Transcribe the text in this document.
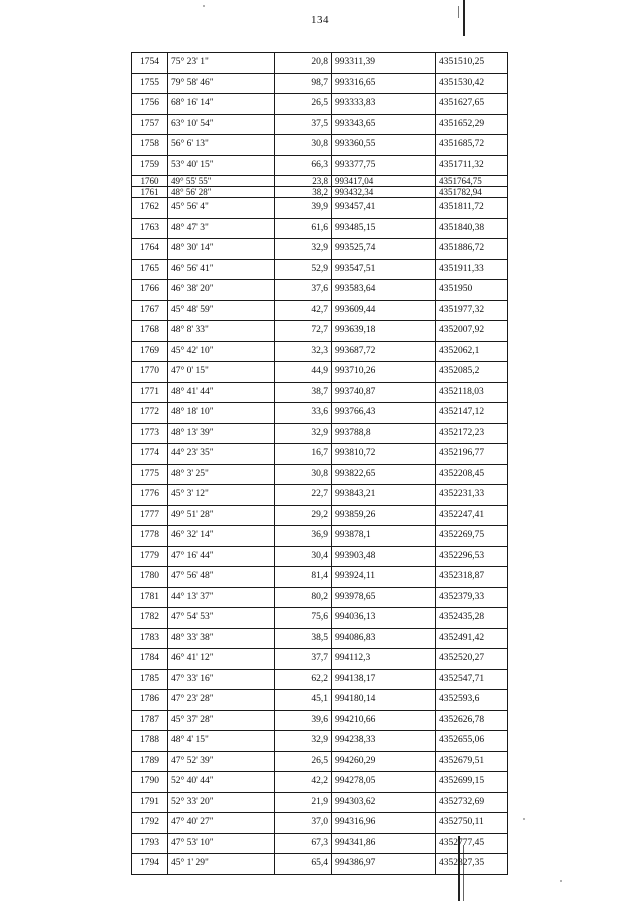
134
1754	75° 23' 1"	20,8	993311,39	4351510,25
1755	79° 58' 46"	98,7	993316,65	4351530,42
1756	68° 16' 14"	26,5	993333,83	4351627,65
1757	63° 10' 54"	37,5	993343,65	4351652,29
1758	56° 6' 13"	30,8	993360,55	4351685,72
1759	53° 40' 15"	66,3	993377,75	4351711,32
1760	49° 55' 55"	23,8	993417,04	4351764,75
1761	48° 56' 28"	38,2	993432,34	4351782,94
1762	45° 56' 4"	39,9	993457,41	4351811,72
1763	48° 47' 3"	61,6	993485,15	4351840,38
1764	48° 30' 14"	32,9	993525,74	4351886,72
1765	46° 56' 41"	52,9	993547,51	4351911,33
1766	46° 38' 20"	37,6	993583,64	4351950
1767	45° 48' 59"	42,7	993609,44	4351977,32
1768	48° 8' 33"	72,7	993639,18	4352007,92
1769	45° 42' 10"	32,3	993687,72	4352062,1
1770	47° 0' 15"	44,9	993710,26	4352085,2
1771	48° 41' 44"	38,7	993740,87	4352118,03
1772	48° 18' 10"	33,6	993766,43	4352147,12
1773	48° 13' 39"	32,9	993788,8	4352172,23
1774	44° 23' 35"	16,7	993810,72	4352196,77
1775	48° 3' 25"	30,8	993822,65	4352208,45
1776	45° 3' 12"	22,7	993843,21	4352231,33
1777	49° 51' 28"	29,2	993859,26	4352247,41
1778	46° 32' 14"	36,9	993878,1	4352269,75
1779	47° 16' 44"	30,4	993903,48	4352296,53
1780	47° 56' 48"	81,4	993924,11	4352318,87
1781	44° 13' 37"	80,2	993978,65	4352379,33
1782	47° 54' 53"	75,6	994036,13	4352435,28
1783	48° 33' 38"	38,5	994086,83	4352491,42
1784	46° 41' 12"	37,7	994112,3	4352520,27
1785	47° 33' 16"	62,2	994138,17	4352547,71
1786	47° 23' 28"	45,1	994180,14	4352593,6
1787	45° 37' 28"	39,6	994210,66	4352626,78
1788	48° 4' 15"	32,9	994238,33	4352655,06
1789	47° 52' 39"	26,5	994260,29	4352679,51
1790	52° 40' 44"	42,2	994278,05	4352699,15
1791	52° 33' 20"	21,9	994303,62	4352732,69
1792	47° 40' 27"	37,0	994316,96	4352750,11
1793	47° 53' 10"	67,3	994341,86	4352777,45
1794	45° 1' 29"	65,4	994386,97	4352827,35
